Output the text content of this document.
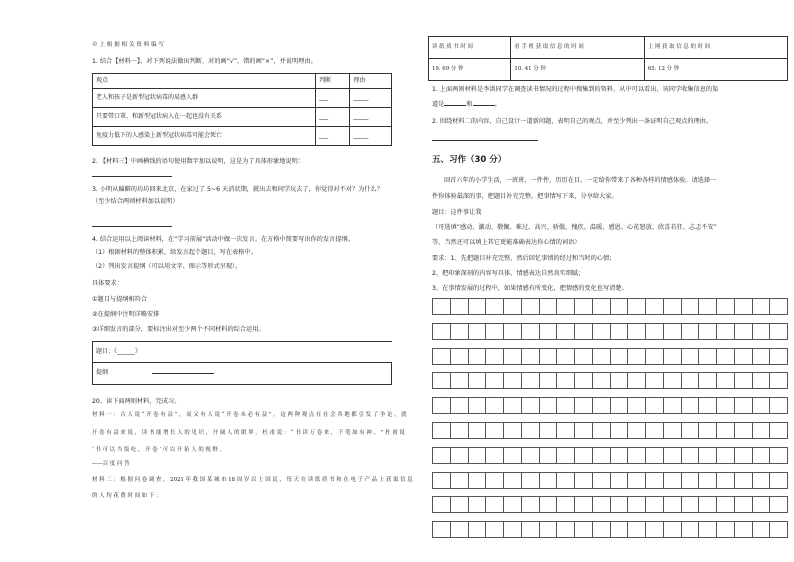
© 上 根 据 相 关 资 料 编 写
1. 结合【材料一】，对下列说法做出判断，对的画“√”，错的画“×”，并说明理由。
观点	判断	理由
老人和孩子是新型冠状病毒的易感人群	___	_____
只要带口罩，和新型冠状病人在一起也没有关系	___	_____
免疫力低下的人感染上新型冠状病毒可能会死亡	___	_____
2. 【材料三】中画横线的语句使用数字加以说明，这是为了具体形象地说明：
3. 小明从偏僻的坊坊回来北京，在家过了 5~6 天消状期，就出去和同学玩去了，你觉得对不对？为什么？
（至少结合两则材料加以说明）
4. 结合运用以上阅读材料，在“学习前展”活动中做一次发言。在方格中简要写出你的发言提纲。
（1）根据材料的整体积累，给发言起个题目，写在表格中。
（2）列出发言提纲（可以用文字、图示等形式呈现）。
具体要求：
①题目与提纲相符合
②在提纲中注明详略安排
③详细发言的部分，要标注出对至少两个不同材料的综合运用。
题目：《______》
提纲
20、读下面两则材料，完成习。
材 料 一 ： 古 人 说 “ 开 卷 有 益 ” ， 而 又 有 人 说 “ 开 卷 未 必 有 益 ” 。 这 两 种 观 点 在 社 会 各 地 都 引 发 了 争 论 。 就
开 卷 有 益 来 说 ， 读 书 能 增 长 人 的 见 识 ， 开 阔 人 的 眼 界 。 杜 甫 说 ： “ 书 读 万 卷 来 ， 下 笔 如 有 神 。 ” 杜 甫 说
‘ 书 可 以 当 饭 吃 ， 开 卷 ’ 可 以 开 拓 人 的 视 野 。
——百 度 问 答
材 料 二 ： 根 据 问 卷 调 查 ， 2021 年 我 国 某 城 市 18 周 岁 以 上 国 民 ， 每 天 在 读 纸 质 书 和 在 电 子 产 品 上 获 取 信 息
的 人 均 花 费 时 间 如 下 ：
读 纸 质 书 时 间	看 手 机 获 取 信 息 的 时 间	上 网 获 取 信 息 的 时 间
19. 69 分 钟	10. 41 分 钟	65. 12 分 钟
1. 上面两则材料是李洪同学在调查读书情况的过程中搜集到的资料，从中可以看出，该同学收集信息的渠
道是	和	。
2. 围绕材料二的内容，自己设计一道新问题，表明自己的观点，并至少列出一条证明自己观点的理由。
五、习作（30 分）
回首六年的小学生活，一班班，一件件，历历在目，一定给你带来了各种各样的情感体验。请选择一
件你体验最深的事，把题目补充完整，把事情写下来，分享给大家。
题目：这件事让我
（可选填“感动、激动、敬佩、难过、高兴、骄傲、愧疚、温暖、感恩、心花怒放、欣喜若狂、忐忑不安”
等，当然还可以填上其它更能准确表达你心情的词语）
要求：1、先把题目补充完整，然后回忆事情的经过和当时的心情；
2、把印象深刻的内容写具体，情感表达自然真实细腻；
3、在事情发展的过程中，如果情感有所变化，把情感的变化也写清楚。
